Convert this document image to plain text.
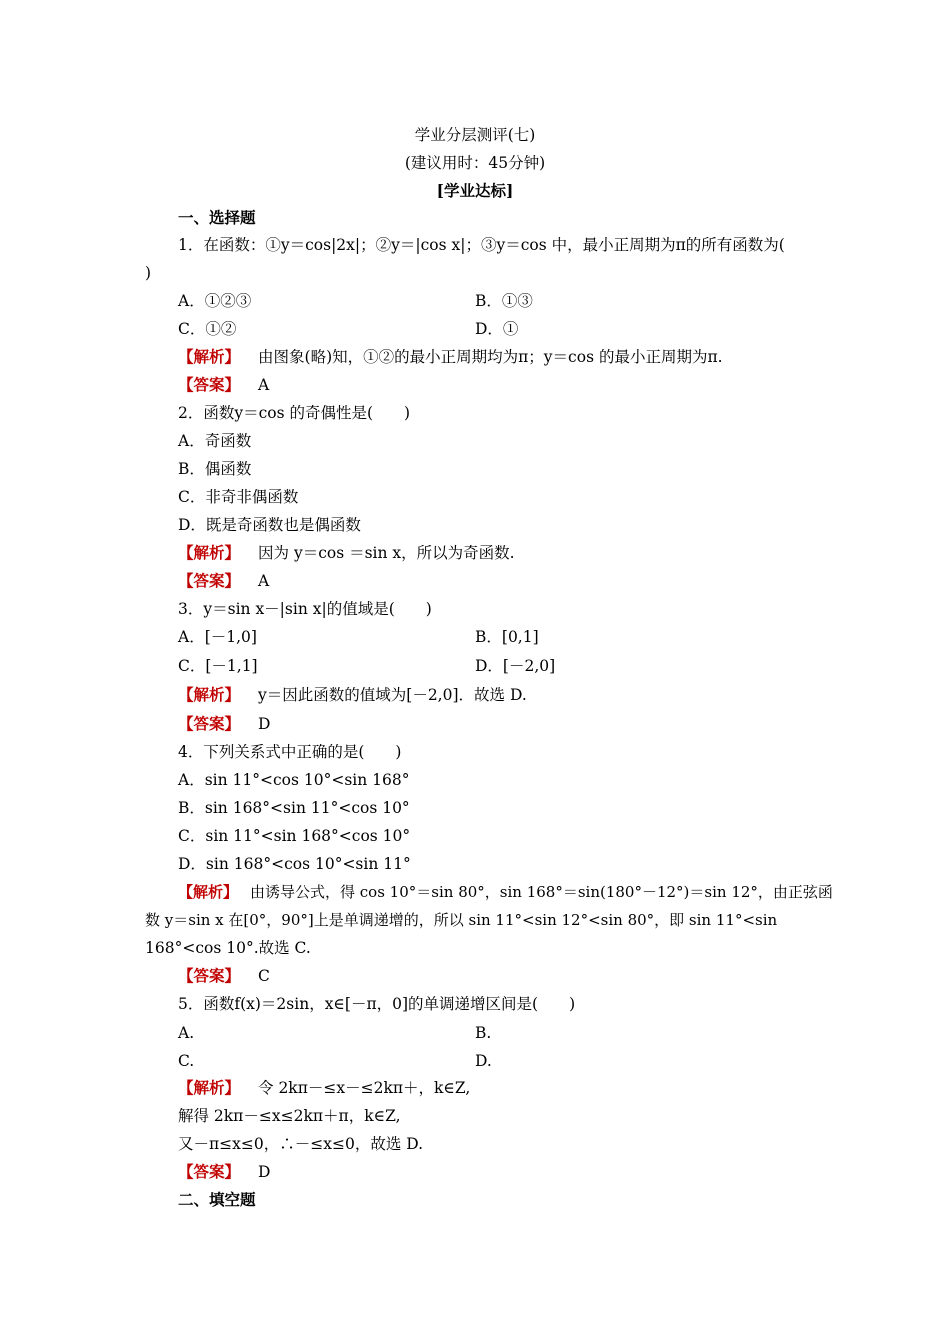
学业分层测评(七)
(建议用时：45分钟)
[学业达标]
一、选择题
1．在函数：①y＝cos|2x|；②y＝|cos x|；③y＝cos 中，最小正周期为π的所有函数为(
)
A．①②③	B．①③
C．①②	D．①
【解析】 由图象(略)知，①②的最小正周期均为π；y＝cos 的最小正周期为π.
【答案】 A
2．函数y＝cos 的奇偶性是(　　)
A．奇函数
B．偶函数
C．非奇非偶函数
D．既是奇函数也是偶函数
【解析】 因为 y＝cos ＝sin x，所以为奇函数.
【答案】 A
3．y＝sin x－|sin x|的值域是(　　)
A．[－1,0]	B．[0,1]
C．[－1,1]	D．[－2,0]
【解析】 y＝因此函数的值域为[－2,0]．故选 D.
【答案】 D
4．下列关系式中正确的是(　　)
A．sin 11°<cos 10°<sin 168°
B．sin 168°<sin 11°<cos 10°
C．sin 11°<sin 168°<cos 10°
D．sin 168°<cos 10°<sin 11°
【解析】 由诱导公式，得 cos 10°＝sin 80°，sin 168°＝sin(180°－12°)＝sin 12°，由正弦函
数 y＝sin x 在[0°，90°]上是单调递增的，所以 sin 11°<sin 12°<sin 80°，即 sin 11°<sin
168°<cos 10°.故选 C.
【答案】 C
5．函数f(x)＝2sin，x∈[－π，0]的单调递增区间是(　　)
A.	B.
C.	D.
【解析】 令 2kπ－≤x－≤2kπ＋，k∈Z,
解得 2kπ－≤x≤2kπ＋π，k∈Z,
又－π≤x≤0，∴－≤x≤0，故选 D.
【答案】 D
二、填空题
